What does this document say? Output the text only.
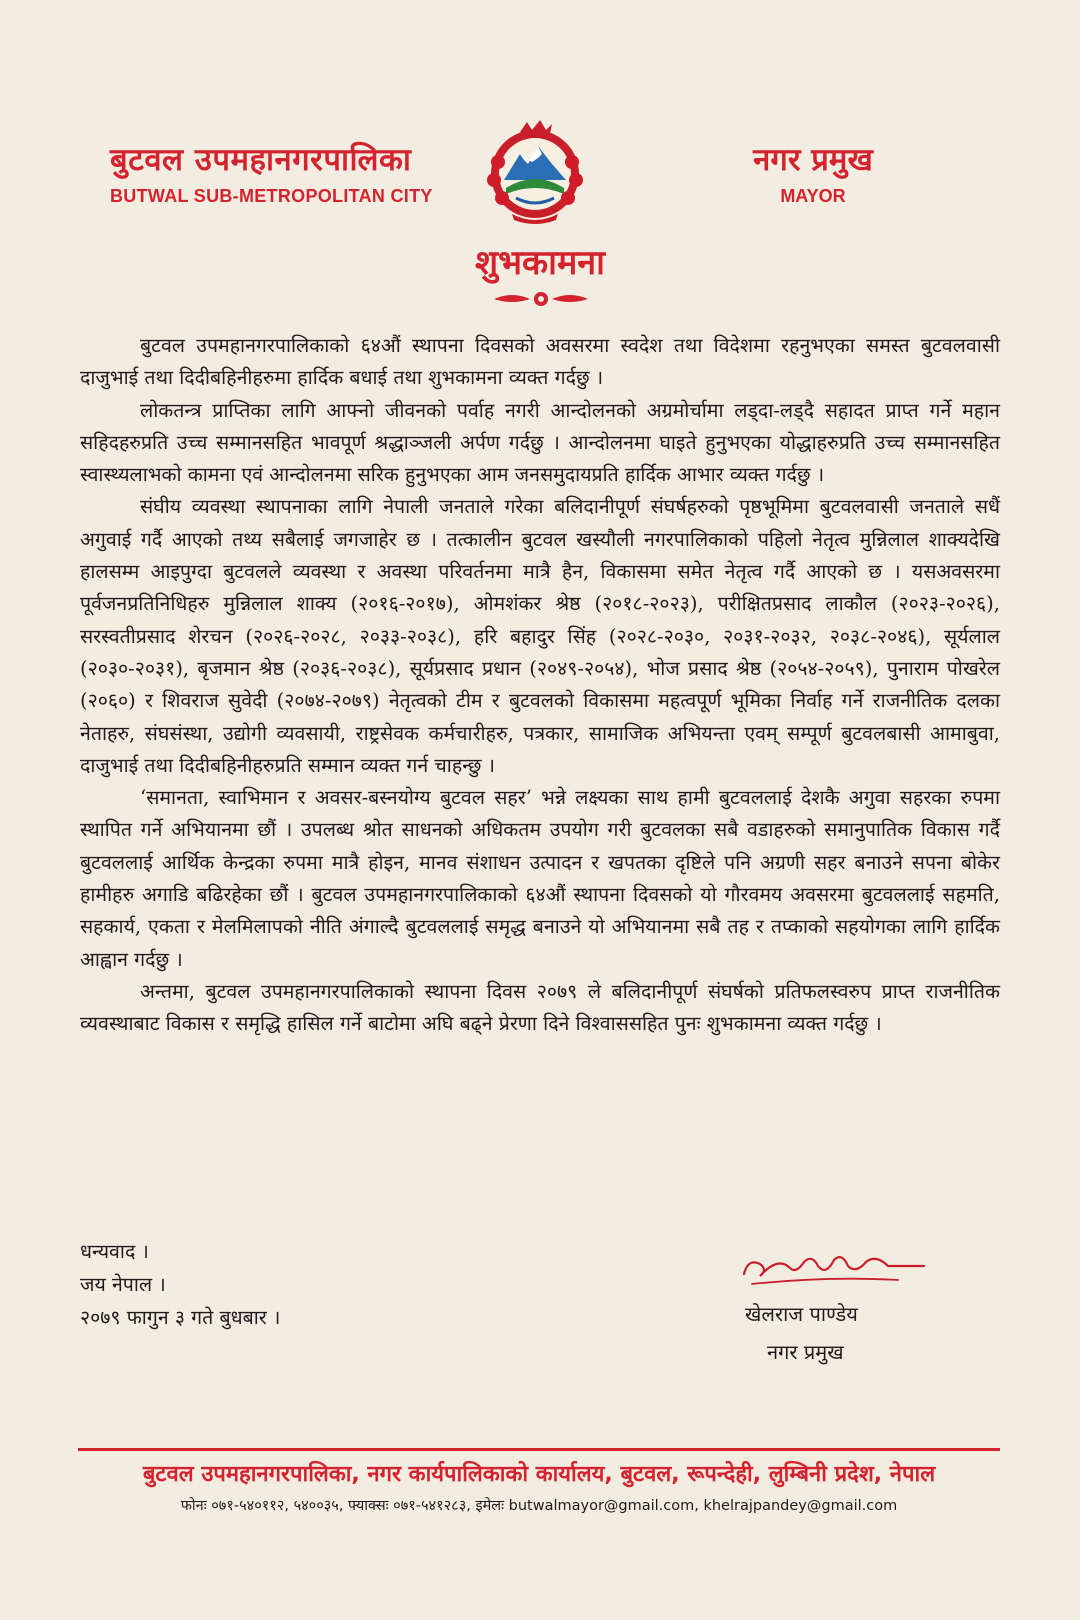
बुटवल उपमहानगरपालिका
BUTWAL SUB-METROPOLITAN CITY
नगर प्रमुख
MAYOR
शुभकामना

बुटवल उपमहानगरपालिकाको ६४औं स्थापना दिवसको अवसरमा स्वदेश तथा विदेशमा रहनुभएका समस्त बुटवलवासी दाजुभाई तथा दिदीबहिनीहरुमा हार्दिक बधाई तथा शुभकामना व्यक्त गर्दछु ।

लोकतन्त्र प्राप्तिका लागि आफ्नो जीवनको पर्वाह नगरी आन्दोलनको अग्रमोर्चामा लड्दा-लड्दै सहादत प्राप्त गर्ने महान सहिदहरुप्रति उच्च सम्मानसहित भावपूर्ण श्रद्धाञ्जली अर्पण गर्दछु । आन्दोलनमा घाइते हुनुभएका योद्धाहरुप्रति उच्च सम्मानसहित स्वास्थ्यलाभको कामना एवं आन्दोलनमा सरिक हुनुभएका आम जनसमुदायप्रति हार्दिक आभार व्यक्त गर्दछु ।

संघीय व्यवस्था स्थापनाका लागि नेपाली जनताले गरेका बलिदानीपूर्ण संघर्षहरुको पृष्ठभूमिमा बुटवलवासी जनताले सधैं अगुवाई गर्दै आएको तथ्य सबैलाई जगजाहेर छ । तत्कालीन बुटवल खस्यौली नगरपालिकाको पहिलो नेतृत्व मुन्निलाल शाक्यदेखि हालसम्म आइपुग्दा बुटवलले व्यवस्था र अवस्था परिवर्तनमा मात्रै हैन, विकासमा समेत नेतृत्व गर्दै आएको छ । यसअवसरमा पूर्वजनप्रतिनिधिहरु मुन्निलाल शाक्य (२०१६-२०१७), ओमशंकर श्रेष्ठ (२०१८-२०२३), परीक्षितप्रसाद लाकौल (२०२३-२०२६), सरस्वतीप्रसाद शेरचन (२०२६-२०२८, २०३३-२०३८), हरि बहादुर सिंह (२०२८-२०३०, २०३१-२०३२, २०३८-२०४६), सूर्यलाल (२०३०-२०३१), बृजमान श्रेष्ठ (२०३६-२०३८), सूर्यप्रसाद प्रधान (२०४९-२०५४), भोज प्रसाद श्रेष्ठ (२०५४-२०५९), पुनाराम पोखरेल (२०६०) र शिवराज सुवेदी (२०७४-२०७९) नेतृत्वको टीम र बुटवलको विकासमा महत्वपूर्ण भूमिका निर्वाह गर्ने राजनीतिक दलका नेताहरु, संघसंस्था, उद्योगी व्यवसायी, राष्ट्रसेवक कर्मचारीहरु, पत्रकार, सामाजिक अभियन्ता एवम् सम्पूर्ण बुटवलबासी आमाबुवा, दाजुभाई तथा दिदीबहिनीहरुप्रति सम्मान व्यक्त गर्न चाहन्छु ।

‘समानता, स्वाभिमान र अवसर-बस्नयोग्य बुटवल सहर’ भन्ने लक्ष्यका साथ हामी बुटवललाई देशकै अगुवा सहरका रुपमा स्थापित गर्ने अभियानमा छौं । उपलब्ध श्रोत साधनको अधिकतम उपयोग गरी बुटवलका सबै वडाहरुको समानुपातिक विकास गर्दै बुटवललाई आर्थिक केन्द्रका रुपमा मात्रै होइन, मानव संशाधन उत्पादन र खपतका दृष्टिले पनि अग्रणी सहर बनाउने सपना बोकेर हामीहरु अगाडि बढिरहेका छौं । बुटवल उपमहानगरपालिकाको ६४औं स्थापना दिवसको यो गौरवमय अवसरमा बुटवललाई सहमति, सहकार्य, एकता र मेलमिलापको नीति अंगाल्दै बुटवललाई समृद्ध बनाउने यो अभियानमा सबै तह र तप्काको सहयोगका लागि हार्दिक आह्वान गर्दछु ।

अन्तमा, बुटवल उपमहानगरपालिकाको स्थापना दिवस २०७९ ले बलिदानीपूर्ण संघर्षको प्रतिफलस्वरुप प्राप्त राजनीतिक व्यवस्थाबाट विकास र समृद्धि हासिल गर्ने बाटोमा अघि बढ्ने प्रेरणा दिने विश्वाससहित पुनः शुभकामना व्यक्त गर्दछु ।

धन्यवाद ।
जय नेपाल ।
२०७९ फागुन ३ गते बुधबार ।	खेलराज पाण्डेय
नगर प्रमुख
बुटवल उपमहानगरपालिका, नगर कार्यपालिकाको कार्यालय, बुटवल, रूपन्देही, लुम्बिनी प्रदेश, नेपाल
फोनः ०७१-५४०११२, ५४००३५, फ्याक्सः ०७१-५४१२८३, इमेलः butwalmayor@gmail.com, khelrajpandey@gmail.com
